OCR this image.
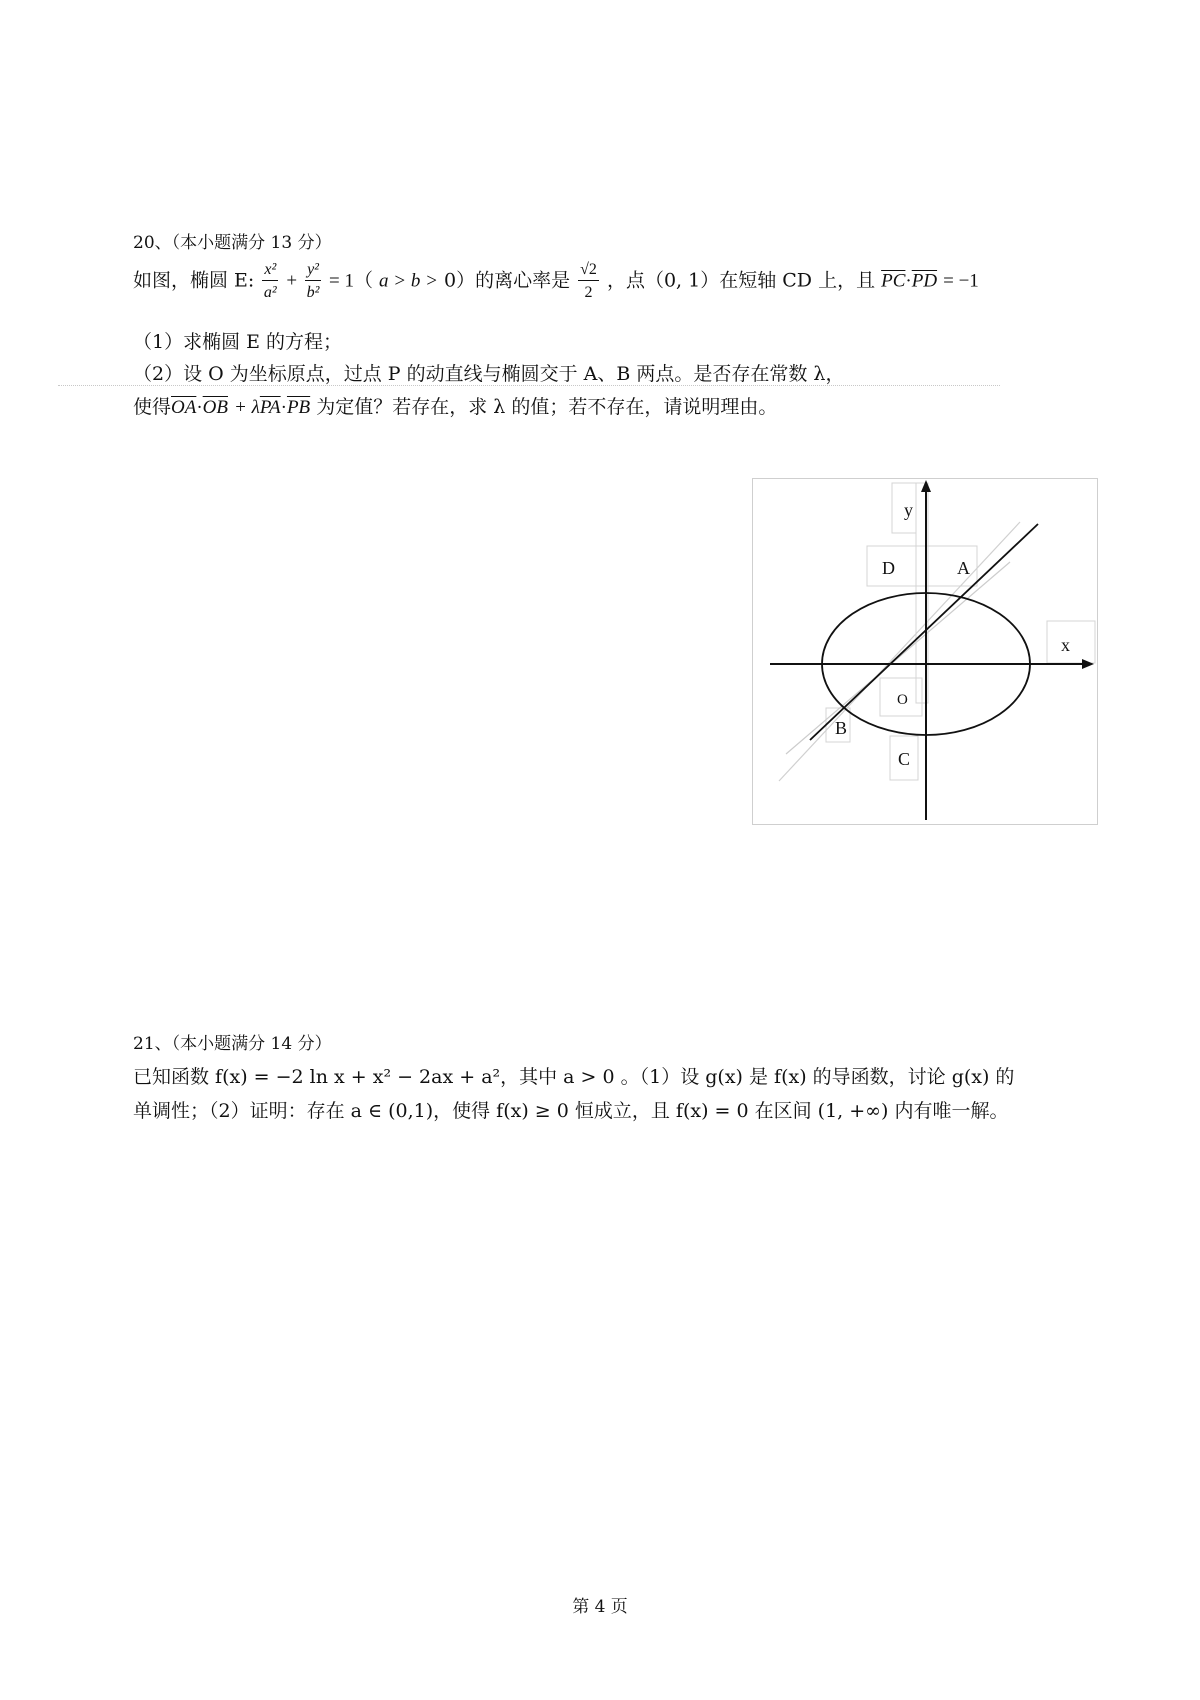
20、（本小题满分 13 分）
如图，椭圆 E: $\frac{\text{x²}}{\text{a²}} + \frac{\text{y²}}{\text{b²}} = 1$（ a > b > 0）的离心率是 $\frac{√2}{2}$ ，点（0, 1）在短轴 CD 上，且 $\overline{PC}\cdot\overline{PD} = -1$
（1）求椭圆 E 的方程；
（2）设 O 为坐标原点，过点 P 的动直线与椭圆交于 A、B 两点。是否存在常数 λ，
使得$\overline{OA}\cdot\overline{OB} + \lambda\overline{PA}\cdot\overline{PB}$ 为定值？若存在，求 λ 的值；若不存在，请说明理由。
y
x
D	A
O
B
C
21、（本小题满分 14 分）
已知函数 f(x) = −2 ln x + x² − 2ax + a²，其中 a > 0 。（1）设 g(x) 是 f(x) 的导函数，讨论 g(x) 的
单调性；（2）证明：存在 a ∈ (0,1)，使得 f(x) ≥ 0 恒成立，且 f(x) = 0 在区间 (1, +∞) 内有唯一解。
第 4 页
